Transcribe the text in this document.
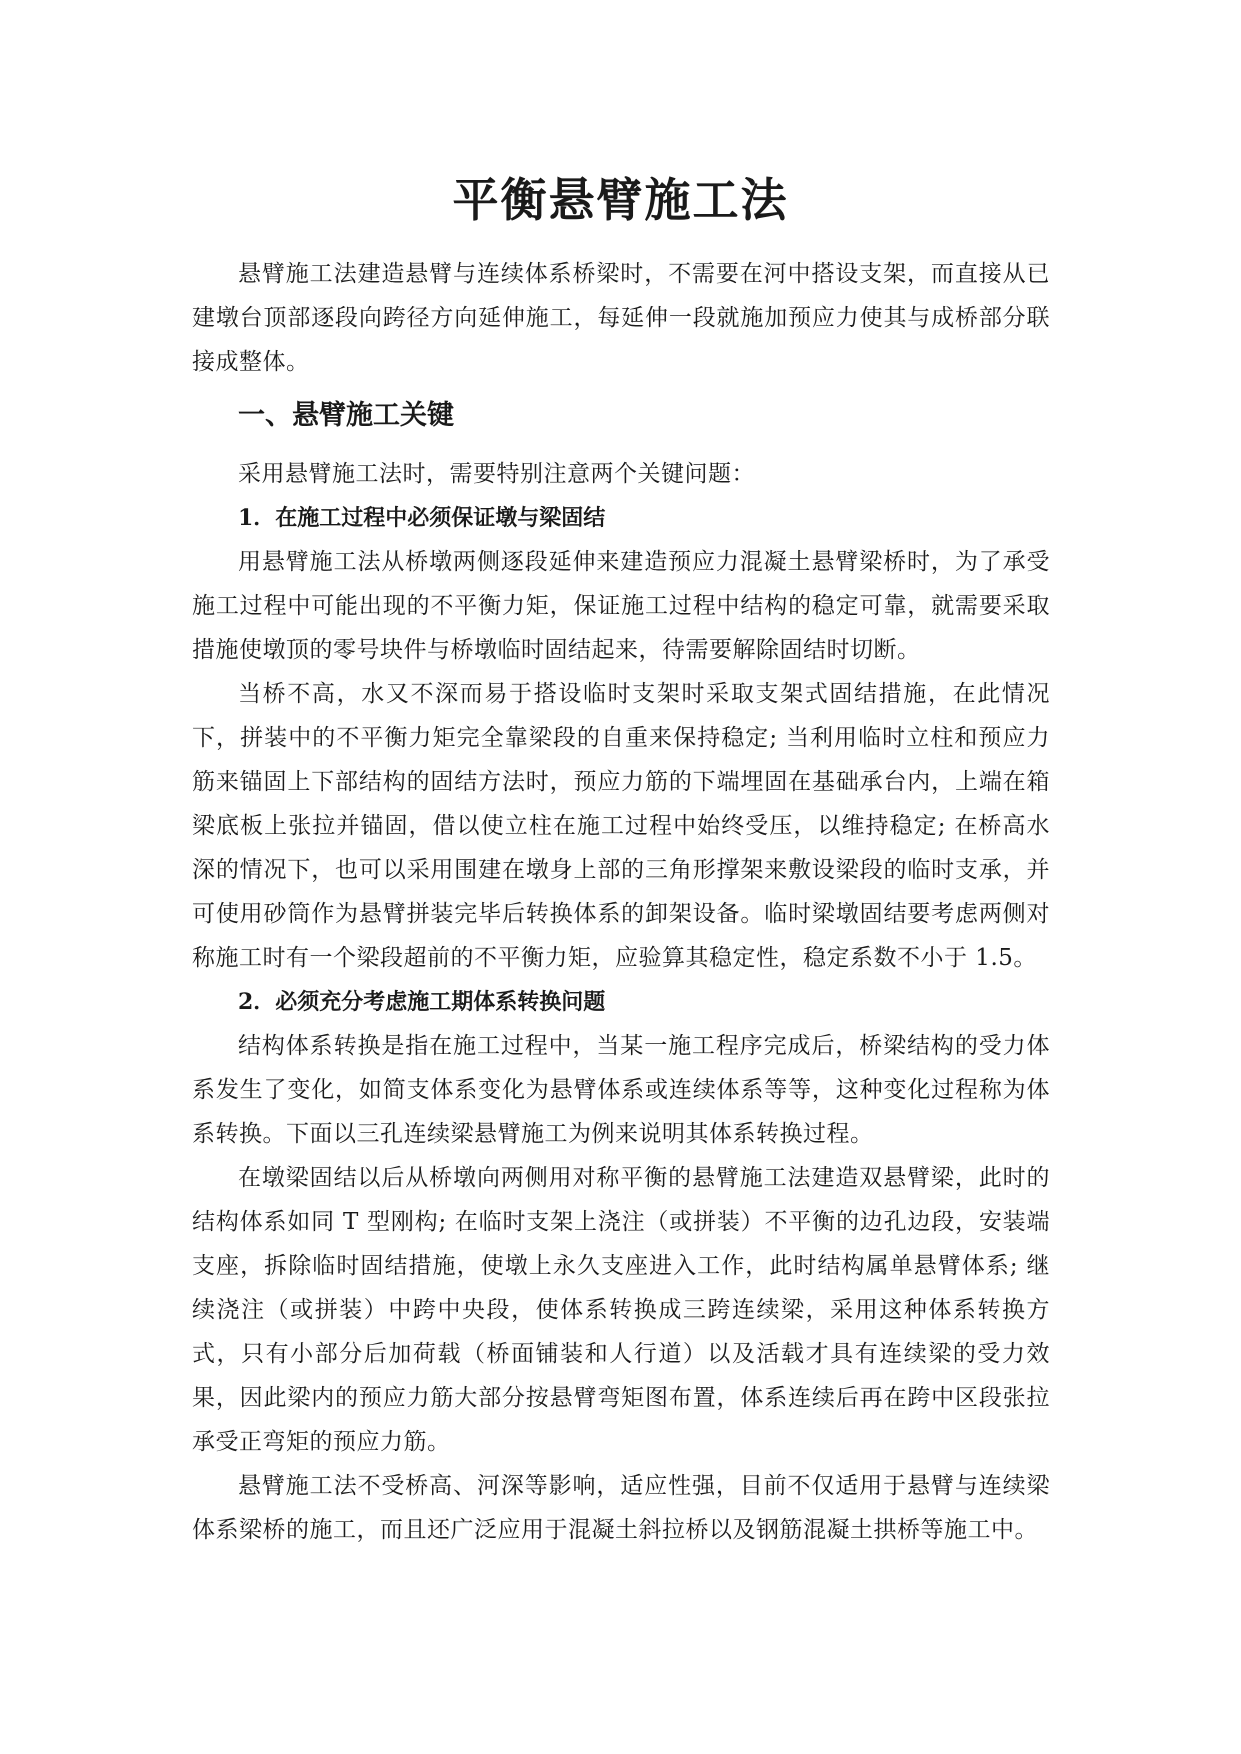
平衡悬臂施工法

悬臂施工法建造悬臂与连续体系桥梁时，不需要在河中搭设支架，而直接从已建墩台顶部逐段向跨径方向延伸施工，每延伸一段就施加预应力使其与成桥部分联接成整体。

一、悬臂施工关键

采用悬臂施工法时，需要特别注意两个关键问题：

1．在施工过程中必须保证墩与梁固结

用悬臂施工法从桥墩两侧逐段延伸来建造预应力混凝土悬臂梁桥时，为了承受施工过程中可能出现的不平衡力矩，保证施工过程中结构的稳定可靠，就需要采取措施使墩顶的零号块件与桥墩临时固结起来，待需要解除固结时切断。

当桥不高，水又不深而易于搭设临时支架时采取支架式固结措施，在此情况下，拼装中的不平衡力矩完全靠梁段的自重来保持稳定; 当利用临时立柱和预应力筋来锚固上下部结构的固结方法时，预应力筋的下端埋固在基础承台内，上端在箱梁底板上张拉并锚固，借以使立柱在施工过程中始终受压，以维持稳定; 在桥高水深的情况下，也可以采用围建在墩身上部的三角形撑架来敷设梁段的临时支承，并可使用砂筒作为悬臂拼装完毕后转换体系的卸架设备。临时梁墩固结要考虑两侧对称施工时有一个梁段超前的不平衡力矩，应验算其稳定性，稳定系数不小于 1.5。

2．必须充分考虑施工期体系转换问题

结构体系转换是指在施工过程中，当某一施工程序完成后，桥梁结构的受力体系发生了变化，如简支体系变化为悬臂体系或连续体系等等，这种变化过程称为体系转换。下面以三孔连续梁悬臂施工为例来说明其体系转换过程。

在墩梁固结以后从桥墩向两侧用对称平衡的悬臂施工法建造双悬臂梁，此时的结构体系如同 T 型刚构; 在临时支架上浇注（或拼装）不平衡的边孔边段，安装端支座，拆除临时固结措施，使墩上永久支座进入工作，此时结构属单悬臂体系; 继续浇注（或拼装）中跨中央段，使体系转换成三跨连续梁，采用这种体系转换方式，只有小部分后加荷载（桥面铺装和人行道）以及活载才具有连续梁的受力效果，因此梁内的预应力筋大部分按悬臂弯矩图布置，体系连续后再在跨中区段张拉承受正弯矩的预应力筋。

悬臂施工法不受桥高、河深等影响，适应性强，目前不仅适用于悬臂与连续梁体系梁桥的施工，而且还广泛应用于混凝土斜拉桥以及钢筋混凝土拱桥等施工中。
